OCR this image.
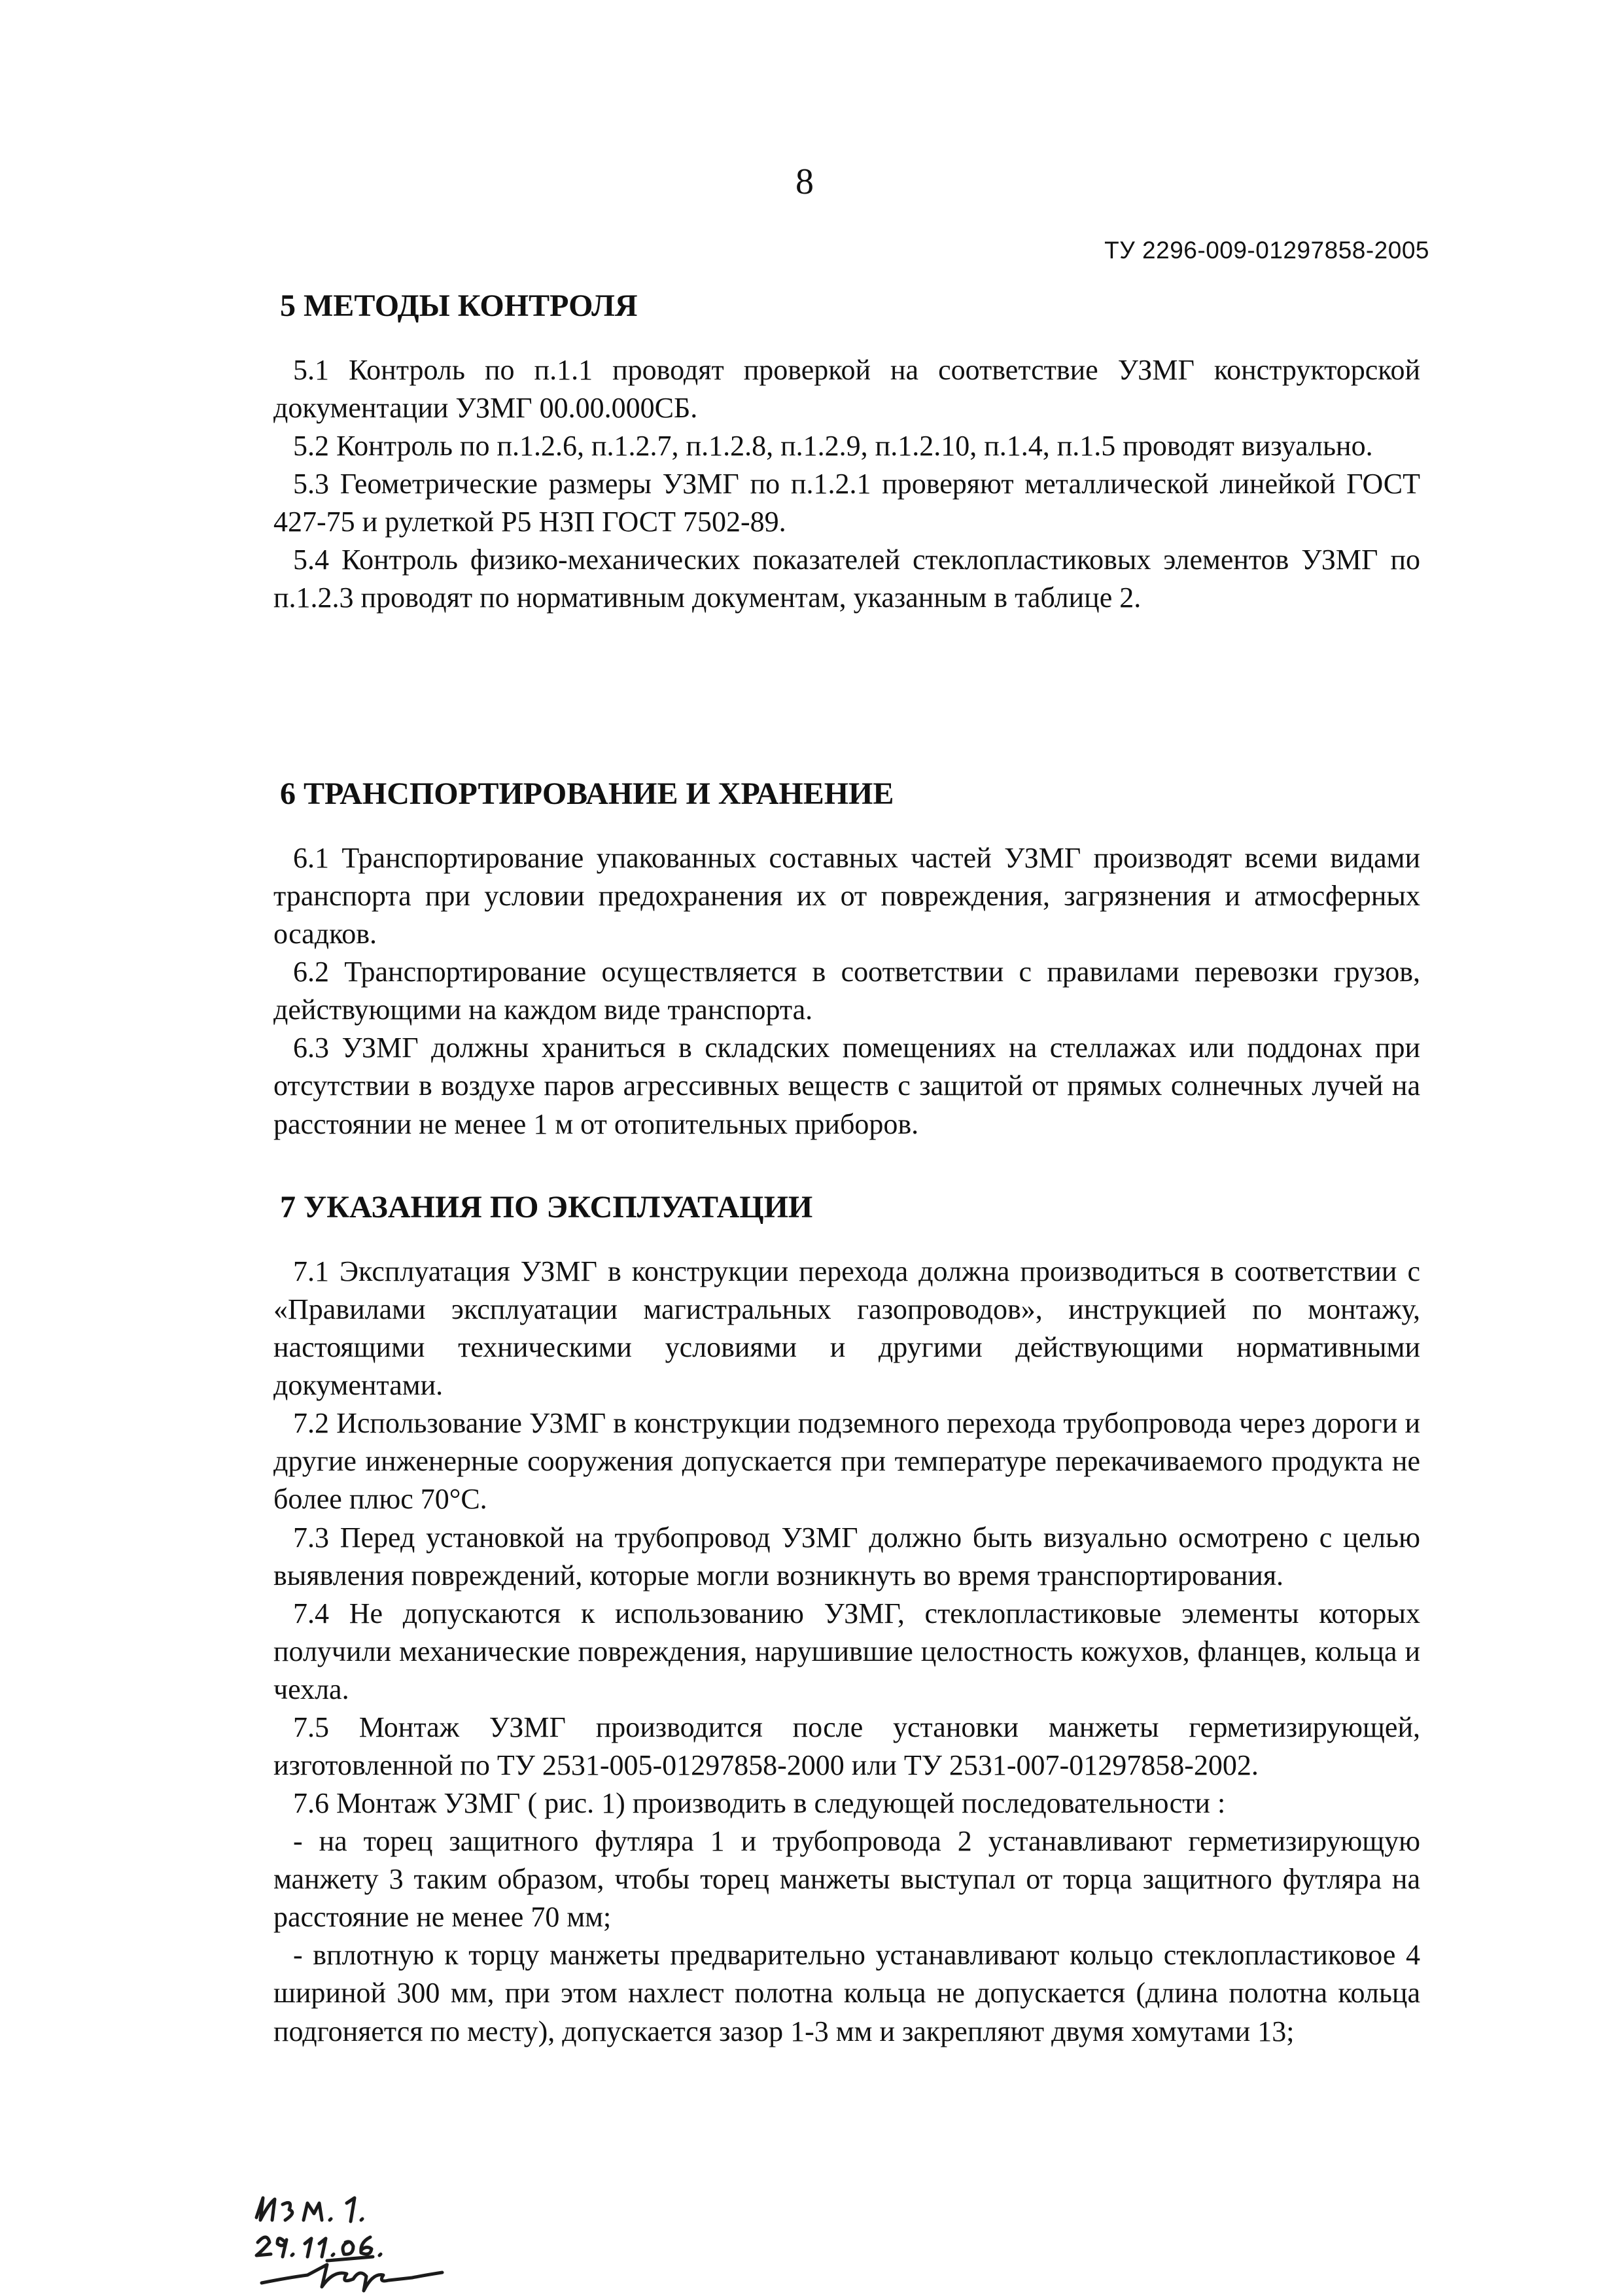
8
ТУ 2296-009-01297858-2005
5 МЕТОДЫ КОНТРОЛЯ

5.1 Контроль по п.1.1 проводят проверкой на соответствие УЗМГ конструкторской документации УЗМГ 00.00.000СБ.

5.2 Контроль по п.1.2.6, п.1.2.7, п.1.2.8, п.1.2.9, п.1.2.10, п.1.4, п.1.5 проводят визуально.

5.3 Геометрические размеры УЗМГ по п.1.2.1 проверяют металлической линейкой ГОСТ 427-75 и рулеткой Р5 НЗП ГОСТ 7502-89.

5.4 Контроль физико-механических показателей стеклопластиковых элементов УЗМГ по п.1.2.3 проводят по нормативным документам, указанным в таблице 2.

6 ТРАНСПОРТИРОВАНИЕ И ХРАНЕНИЕ

6.1 Транспортирование упакованных составных частей УЗМГ производят всеми видами транспорта при условии предохранения их от повреждения, загрязнения и атмосферных осадков.

6.2 Транспортирование осуществляется в соответствии с правилами перевозки грузов, действующими на каждом виде транспорта.

6.3 УЗМГ должны храниться в складских помещениях на стеллажах или поддонах при отсутствии в воздухе паров агрессивных веществ с защитой от прямых солнечных лучей на расстоянии не менее 1 м от отопительных приборов.

7 УКАЗАНИЯ ПО ЭКСПЛУАТАЦИИ

7.1 Эксплуатация УЗМГ в конструкции перехода должна производиться в соответствии с «Правилами эксплуатации магистральных газопроводов», инструкцией по монтажу, настоящими техническими условиями и другими действующими нормативными документами.

7.2 Использование УЗМГ в конструкции подземного перехода трубопровода через дороги и другие инженерные сооружения допускается при температуре перекачиваемого продукта не более плюс 70°С.

7.3 Перед установкой на трубопровод УЗМГ должно быть визуально осмотрено с целью выявления повреждений, которые могли возникнуть во время транспортирования.

7.4 Не допускаются к использованию УЗМГ, стеклопластиковые элементы которых получили механические повреждения, нарушившие целостность кожухов, фланцев, кольца и чехла.

7.5 Монтаж УЗМГ производится после установки манжеты герметизирующей, изготовленной по ТУ 2531-005-01297858-2000 или ТУ 2531-007-01297858-2002.

7.6 Монтаж УЗМГ ( рис. 1) производить в следующей последовательности :

- на торец защитного футляра 1 и трубопровода 2 устанавливают герметизирующую манжету 3 таким образом, чтобы торец манжеты выступал от торца защитного футляра на расстояние не менее 70 мм;

- вплотную к торцу манжеты предварительно устанавливают кольцо стеклопластиковое 4 шириной 300 мм, при этом нахлест полотна кольца не допускается (длина полотна кольца подгоняется по месту), допускается зазор 1-3 мм и закрепляют двумя хомутами 13;
